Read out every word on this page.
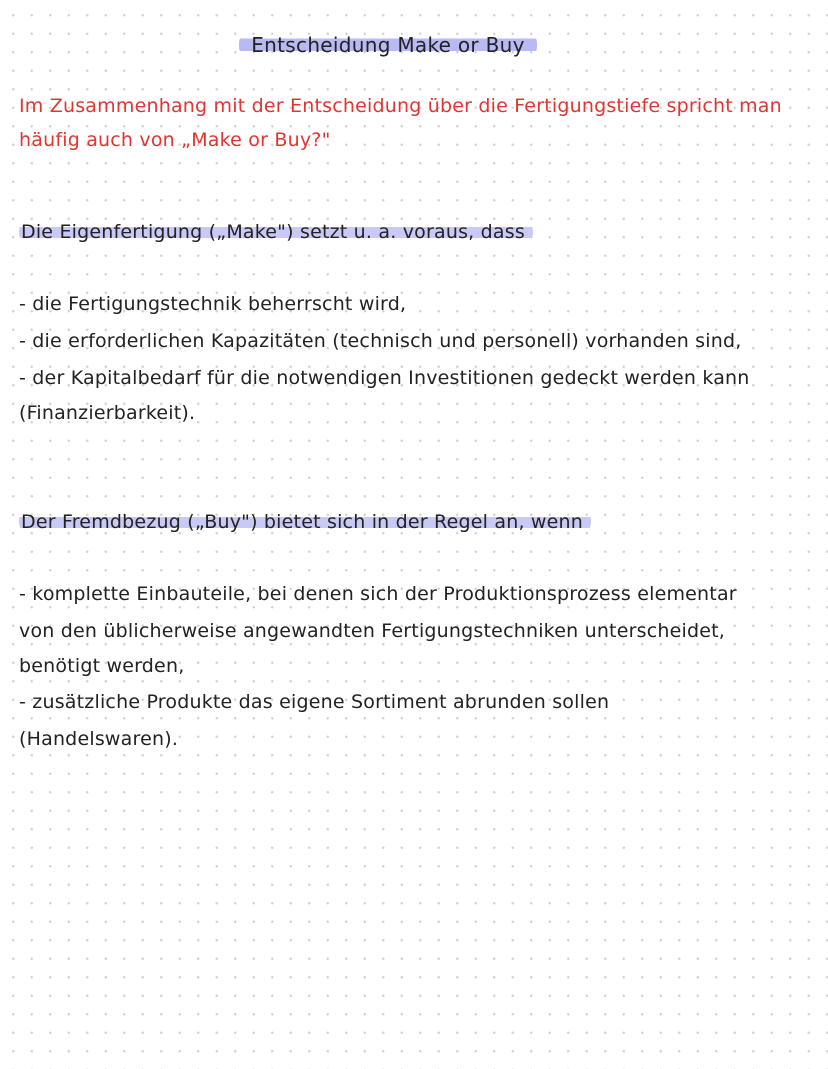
Entscheidung Make or Buy
Im Zusammenhang mit der Entscheidung über die Fertigungstiefe spricht man
häufig auch von „Make or Buy?"
Die Eigenfertigung („Make") setzt u. a. voraus, dass
- die Fertigungstechnik beherrscht wird,
- die erforderlichen Kapazitäten (technisch und personell) vorhanden sind,
- der Kapitalbedarf für die notwendigen Investitionen gedeckt werden kann
(Finanzierbarkeit).
Der Fremdbezug („Buy") bietet sich in der Regel an, wenn
- komplette Einbauteile, bei denen sich der Produktionsprozess elementar
von den üblicherweise angewandten Fertigungstechniken unterscheidet,
benötigt werden,
- zusätzliche Produkte das eigene Sortiment abrunden sollen
(Handelswaren).
